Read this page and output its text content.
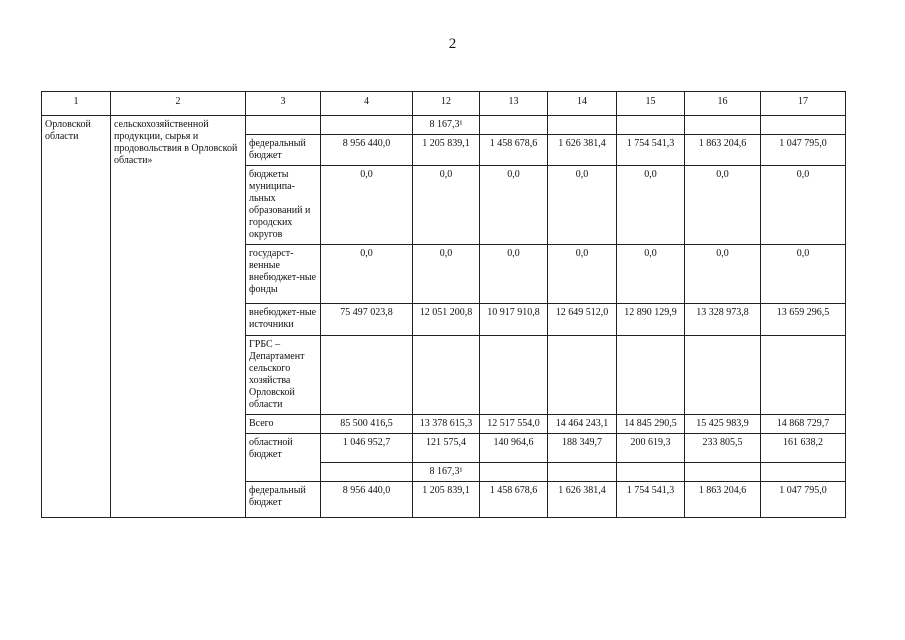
2
1	2	3	4	12	13	14	15	16	17
Орловской области	сельскохозяйственной продукции, сырья и продовольствия в Орловской области»			8 167,3¹					
		федеральный бюджет	8 956 440,0	1 205 839,1	1 458 678,6	1 626 381,4	1 754 541,3	1 863 204,6	1 047 795,0
		бюджеты муниципа-льных образований и городских округов	0,0	0,0	0,0	0,0	0,0	0,0	0,0
		государст-венные внебюджет-ные фонды	0,0	0,0	0,0	0,0	0,0	0,0	0,0
		внебюджет-ные источники	75 497 023,8	12 051 200,8	10 917 910,8	12 649 512,0	12 890 129,9	13 328 973,8	13 659 296,5
		ГРБС – Департамент сельского хозяйства Орловской области							
		Всего	85 500 416,5	13 378 615,3	12 517 554,0	14 464 243,1	14 845 290,5	15 425 983,9	14 868 729,7
		областной бюджет	1 046 952,7	121 575,4	140 964,6	188 349,7	200 619,3	233 805,5	161 638,2
				8 167,3¹					
		федеральный бюджет	8 956 440,0	1 205 839,1	1 458 678,6	1 626 381,4	1 754 541,3	1 863 204,6	1 047 795,0
